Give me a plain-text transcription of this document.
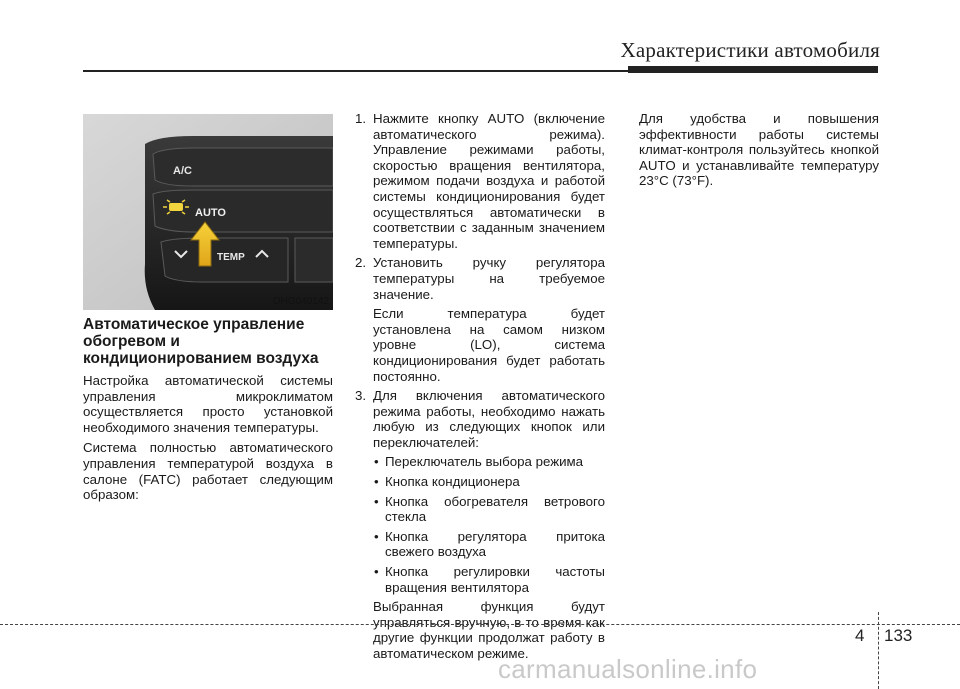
Характеристики автомобиля
A/C
AUTO
TEMP
OHG040142
Автоматическое управление
обогревом и
кондиционированием воздуха

Настройка автоматической системы управления микроклиматом осуществляется просто установкой необходимого значения температуры.

Система полностью автоматического управления температурой воздуха в салоне (FATC) работает следующим образом:

1. Нажмите кнопку AUTO (включение автоматического режима). Управление режимами работы, скоростью вращения вентилятора, режимом подачи воздуха и работой системы кондиционирования будет осуществляться автоматически в соответствии с заданным значением температуры.

2. Установить ручку регулятора температуры на требуемое значение.

Если температура будет установлена на самом низком уровне (LO), система кондиционирования будет работать постоянно.

3. Для включения автоматического режима работы, необходимо нажать любую из следующих кнопок или переключателей:

• Переключатель выбора режима
• Кнопка кондиционера
• Кнопка обогревателя ветрового стекла
• Кнопка регулятора притока свежего воздуха
• Кнопка регулировки частоты вращения вентилятора

Выбранная функция будут управляться вручную, в то время как другие функции продолжат работу в автоматическом режиме.

Для удобства и повышения эффективности работы системы климат-контроля пользуйтесь кнопкой AUTO и устанавливайте температуру 23°C (73°F).

4 133
carmanualsonline.info
